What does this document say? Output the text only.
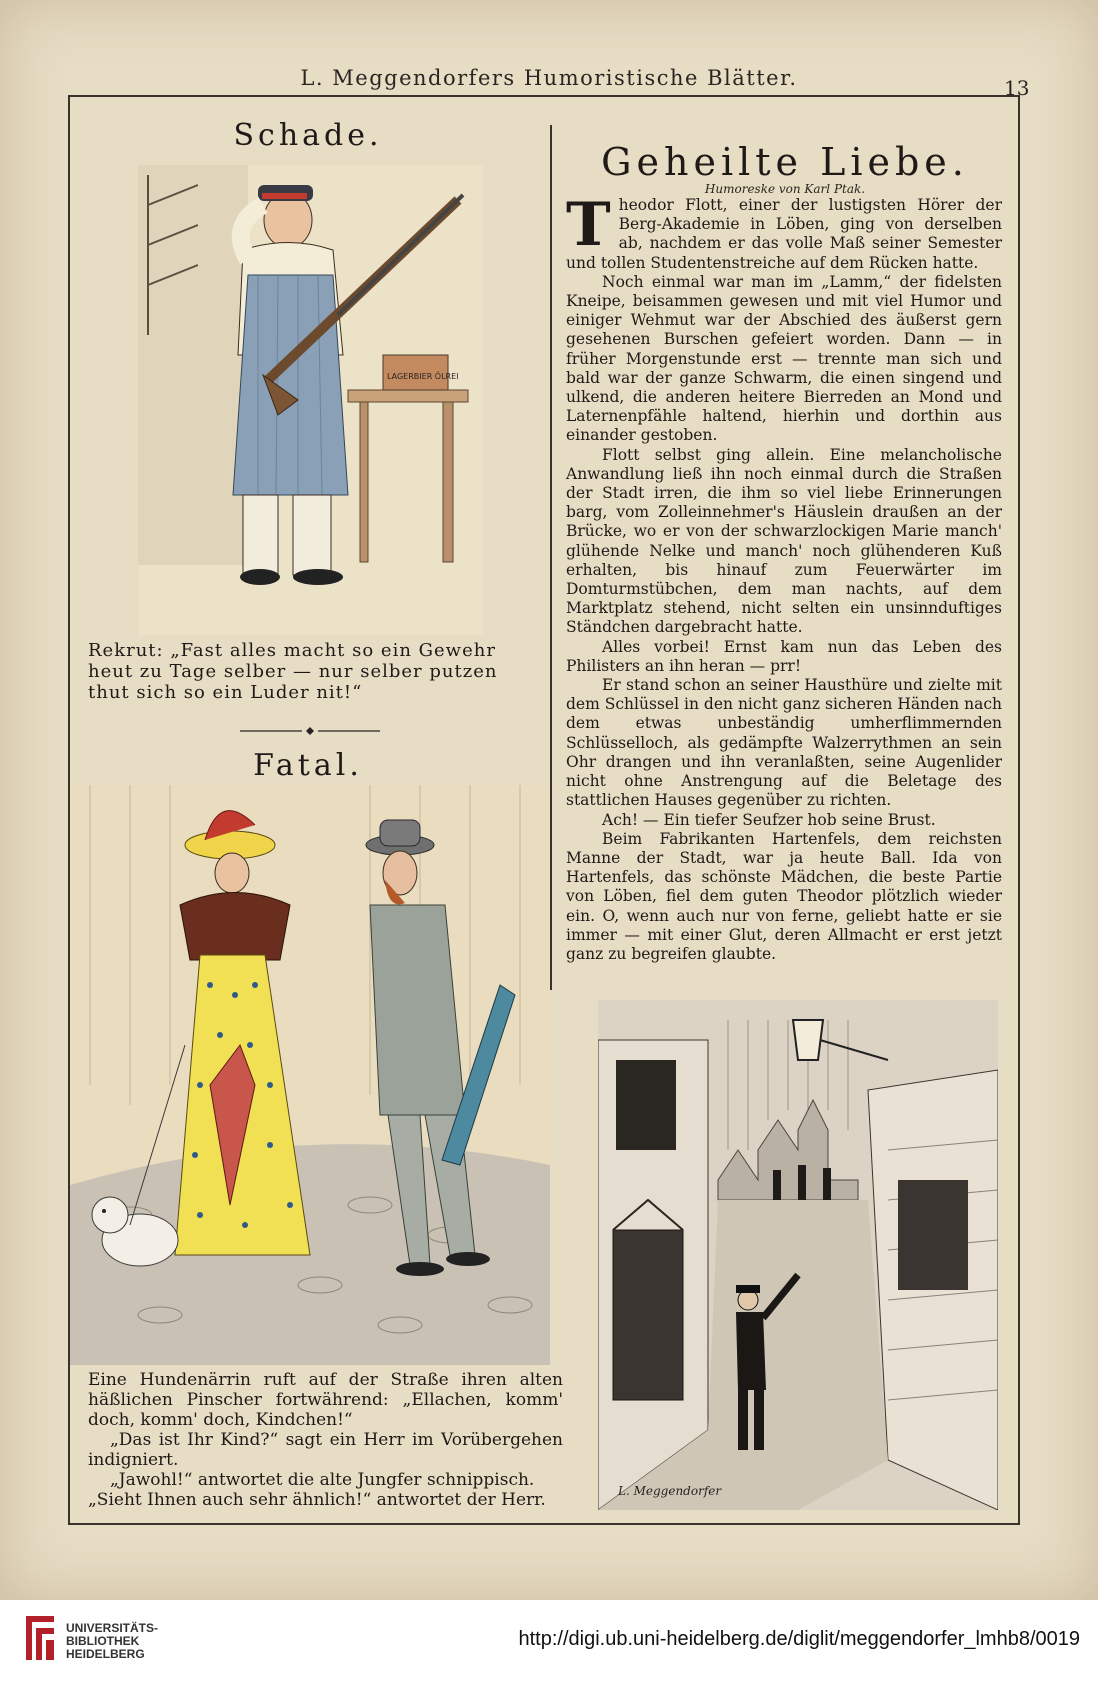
L. Meggendorfers Humoristische Blätter.	13
Schade.
LAGERBIER ÖLREI
Rekrut: „Fast alles macht so ein Gewehr heut zu Tage selber — nur selber putzen thut sich so ein Luder nit!“
Fatal.

Eine Hundenärrin ruft auf der Straße ihren alten häßlichen Pinscher fortwährend: „Ellachen, komm' doch, komm' doch, Kindchen!“

„Das ist Ihr Kind?“ sagt ein Herr im Vorübergehen indigniert.

„Jawohl!“ antwortet die alte Jungfer schnippisch.

„Sieht Ihnen auch sehr ähnlich!“ antwortet der Herr.

Geheilte Liebe.
Humoreske von Karl Ptak.

Theodor Flott, einer der lustigsten Hörer der Berg-Akademie in Löben, ging von derselben ab, nachdem er das volle Maß seiner Semester und tollen Studentenstreiche auf dem Rücken hatte.

Noch einmal war man im „Lamm,“ der fidelsten Kneipe, beisammen gewesen und mit viel Humor und einiger Wehmut war der Abschied des äußerst gern gesehenen Burschen gefeiert worden. Dann — in früher Morgenstunde erst — trennte man sich und bald war der ganze Schwarm, die einen singend und ulkend, die anderen heitere Bierreden an Mond und Laternenpfähle haltend, hierhin und dorthin aus einander gestoben.

Flott selbst ging allein. Eine melancholische Anwandlung ließ ihn noch einmal durch die Straßen der Stadt irren, die ihm so viel liebe Erinnerungen barg, vom Zolleinnehmer's Häuslein draußen an der Brücke, wo er von der schwarzlockigen Marie manch' glühende Nelke und manch' noch glühenderen Kuß erhalten, bis hinauf zum Feuerwärter im Domturmstübchen, dem man nachts, auf dem Marktplatz stehend, nicht selten ein unsinnduftiges Ständchen dargebracht hatte.

Alles vorbei! Ernst kam nun das Leben des Philisters an ihn heran — prr!

Er stand schon an seiner Hausthüre und zielte mit dem Schlüssel in den nicht ganz sicheren Händen nach dem etwas unbeständig umherflimmernden Schlüsselloch, als gedämpfte Walzerrythmen an sein Ohr drangen und ihn veranlaßten, seine Augenlider nicht ohne Anstrengung auf die Beletage des stattlichen Hauses gegenüber zu richten.

Ach! — Ein tiefer Seufzer hob seine Brust.

Beim Fabrikanten Hartenfels, dem reichsten Manne der Stadt, war ja heute Ball. Ida von Hartenfels, das schönste Mädchen, die beste Partie von Löben, fiel dem guten Theodor plötzlich wieder ein. O, wenn auch nur von ferne, geliebt hatte er sie immer — mit einer Glut, deren Allmacht er erst jetzt ganz zu begreifen glaubte.

L. Meggendorfer
UNIVERSITÄTS-
BIBLIOTHEK
HEIDELBERG
http://digi.ub.uni-heidelberg.de/diglit/meggendorfer_lmhb8/0019
